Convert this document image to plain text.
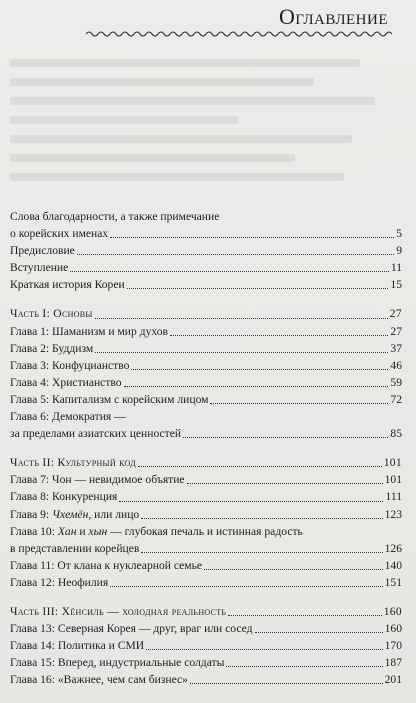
Оглавление
Слова благодарности, а также примечание
о корейских именах	5
Предисловие	9
Вступление	11
Краткая история Кореи	15
Часть I: Основы	27
Глава 1: Шаманизм и мир духов	27
Глава 2: Буддизм	37
Глава 3: Конфуцианство	46
Глава 4: Христианство	59
Глава 5: Капитализм с корейским лицом	72
Глава 6: Демократия —
за пределами азиатских ценностей	85
Часть II: Культурный код	101
Глава 7: Чон — невидимое объятие	101
Глава 8: Конкуренция	111
Глава 9: Чхемён, или лицо	123
Глава 10: Хан и хын — глубокая печаль и истинная радость
в представлении корейцев	126
Глава 11: От клана к нуклеарной семье	140
Глава 12: Неофилия	151
Часть III: Хёнсиль — холодная реальность	160
Глава 13: Северная Корея — друг, враг или сосед	160
Глава 14: Политика и СМИ	170
Глава 15: Вперед, индустриальные солдаты	187
Глава 16: «Важнее, чем сам бизнес»	201
